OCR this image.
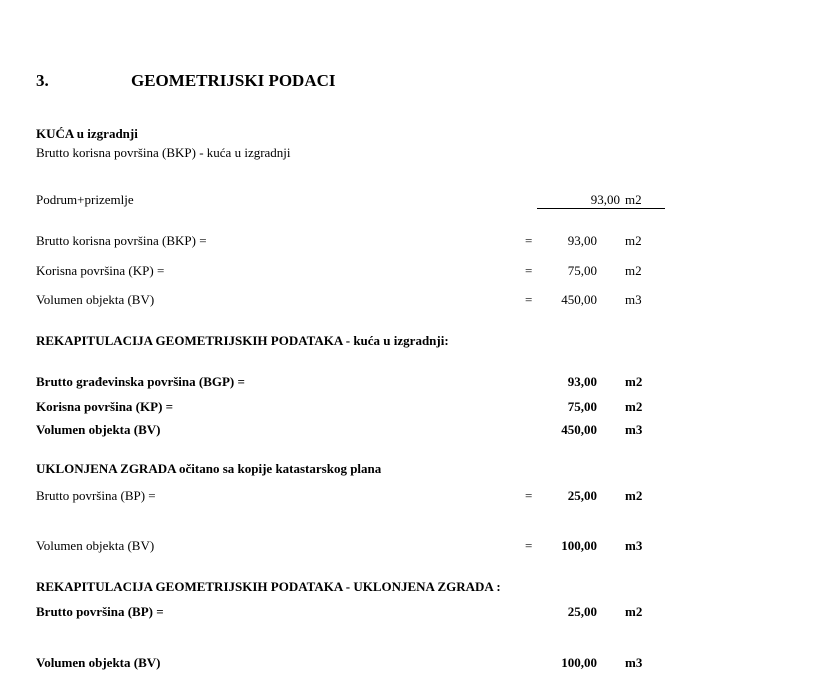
3.	GEOMETRIJSKI PODACI
KUĆA u izgradnji
Brutto korisna površina (BKP) - kuća u izgradnji
Podrum+prizemlje	93,00 m2
Brutto korisna površina (BKP) =	=	93,00 m2
Korisna površina (KP) =	=	75,00 m2
Volumen objekta (BV)	=	450,00 m3
REKAPITULACIJA GEOMETRIJSKIH PODATAKA - kuća u izgradnji:
Brutto građevinska površina (BGP) =	93,00 m2
Korisna površina (KP) =	75,00 m2
Volumen objekta (BV)	450,00 m3
UKLONJENA ZGRADA očitano sa kopije katastarskog plana
Brutto površina (BP) =	=	25,00 m2
Volumen objekta (BV)	=	100,00 m3
REKAPITULACIJA GEOMETRIJSKIH PODATAKA - UKLONJENA ZGRADA :
Brutto površina (BP) =	25,00 m2
Volumen objekta (BV)	100,00 m3
